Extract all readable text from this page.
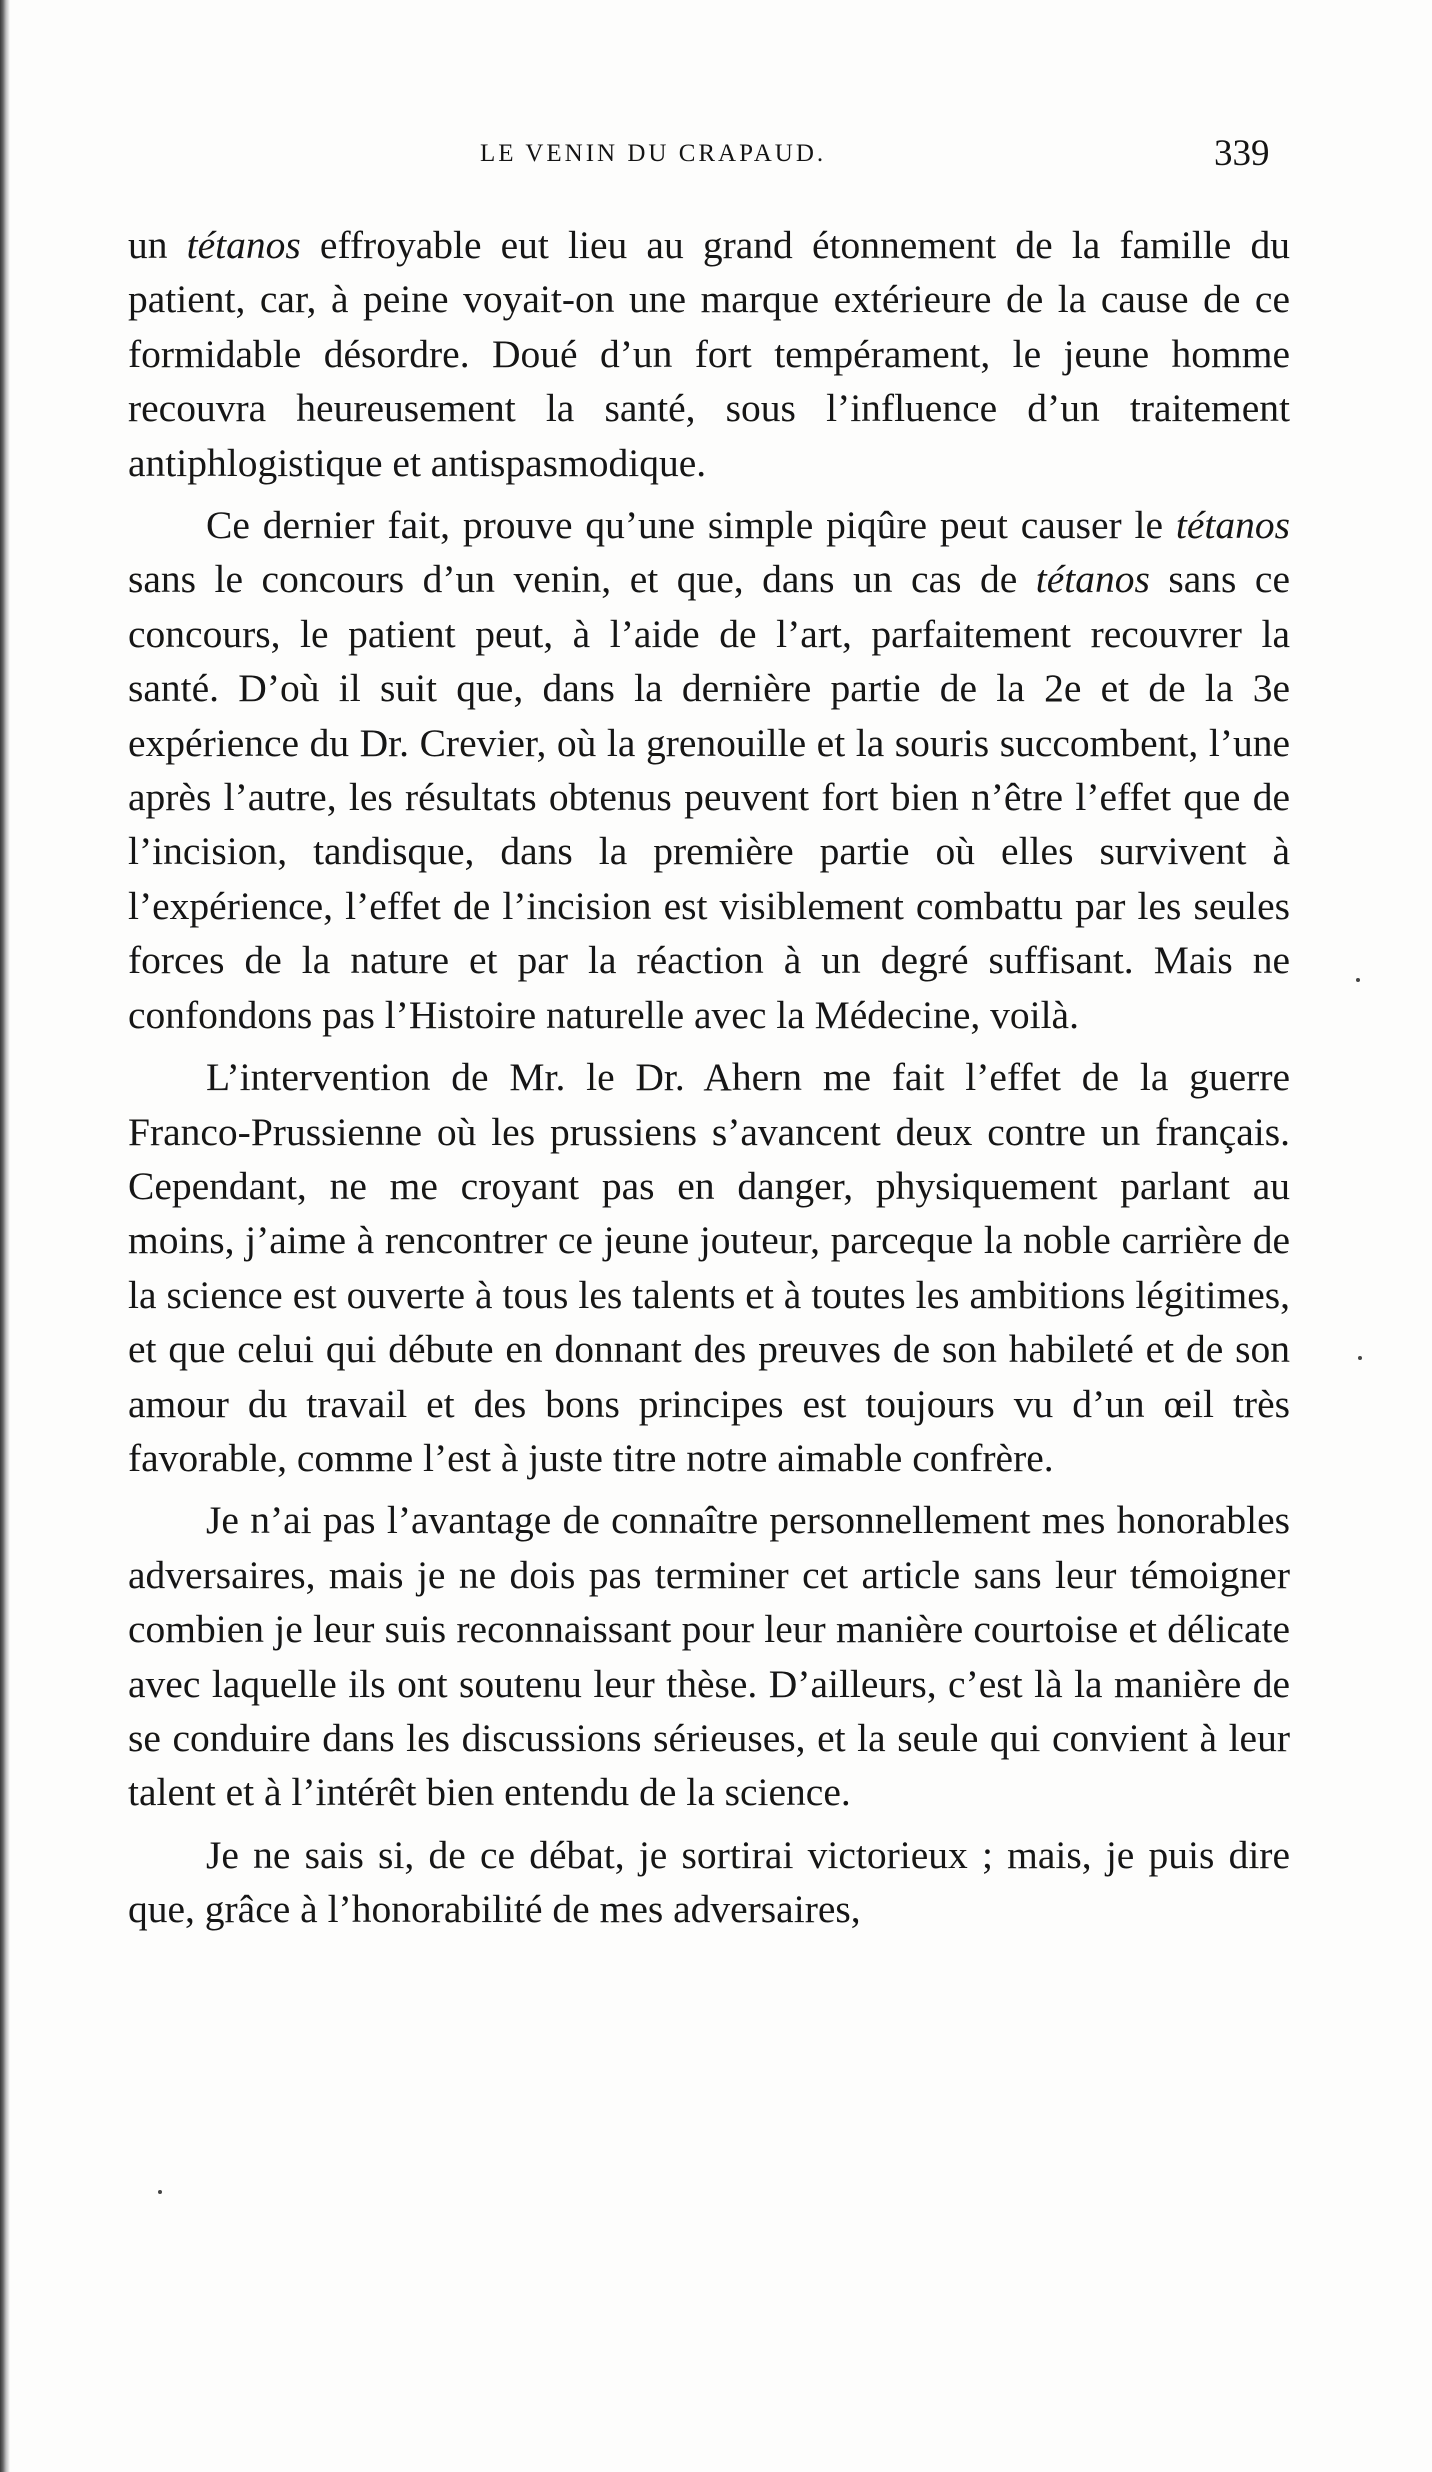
LE VENIN DU CRAPAUD.	339

un tétanos effroyable eut lieu au grand étonnement de la famille du patient, car, à peine voyait-on une marque extérieure de la cause de ce formidable désordre. Doué d’un fort tempérament, le jeune homme recouvra heureusement la santé, sous l’influence d’un traitement antiphlogistique et antispasmodique.

Ce dernier fait, prouve qu’une simple piqûre peut causer le tétanos sans le concours d’un venin, et que, dans un cas de tétanos sans ce concours, le patient peut, à l’aide de l’art, parfaitement recouvrer la santé. D’où il suit que, dans la dernière partie de la 2e et de la 3e expérience du Dr. Crevier, où la grenouille et la souris succombent, l’une après l’autre, les résultats obtenus peuvent fort bien n’être l’effet que de l’incision, tandisque, dans la première partie où elles survivent à l’expérience, l’effet de l’incision est visiblement combattu par les seules forces de la nature et par la réaction à un degré suffisant. Mais ne confondons pas l’Histoire naturelle avec la Médecine, voilà.

L’intervention de Mr. le Dr. Ahern me fait l’effet de la guerre Franco-Prussienne où les prussiens s’avancent deux contre un français. Cependant, ne me croyant pas en danger, physiquement parlant au moins, j’aime à rencontrer ce jeune jouteur, parceque la noble carrière de la science est ouverte à tous les talents et à toutes les ambitions légitimes, et que celui qui débute en donnant des preuves de son habileté et de son amour du travail et des bons principes est toujours vu d’un œil très favorable, comme l’est à juste titre notre aimable confrère.

Je n’ai pas l’avantage de connaître personnellement mes honorables adversaires, mais je ne dois pas terminer cet article sans leur témoigner combien je leur suis reconnaissant pour leur manière courtoise et délicate avec laquelle ils ont soutenu leur thèse. D’ailleurs, c’est là la manière de se conduire dans les discussions sérieuses, et la seule qui convient à leur talent et à l’intérêt bien entendu de la science.

Je ne sais si, de ce débat, je sortirai victorieux ; mais, je puis dire que, grâce à l’honorabilité de mes adversaires,
